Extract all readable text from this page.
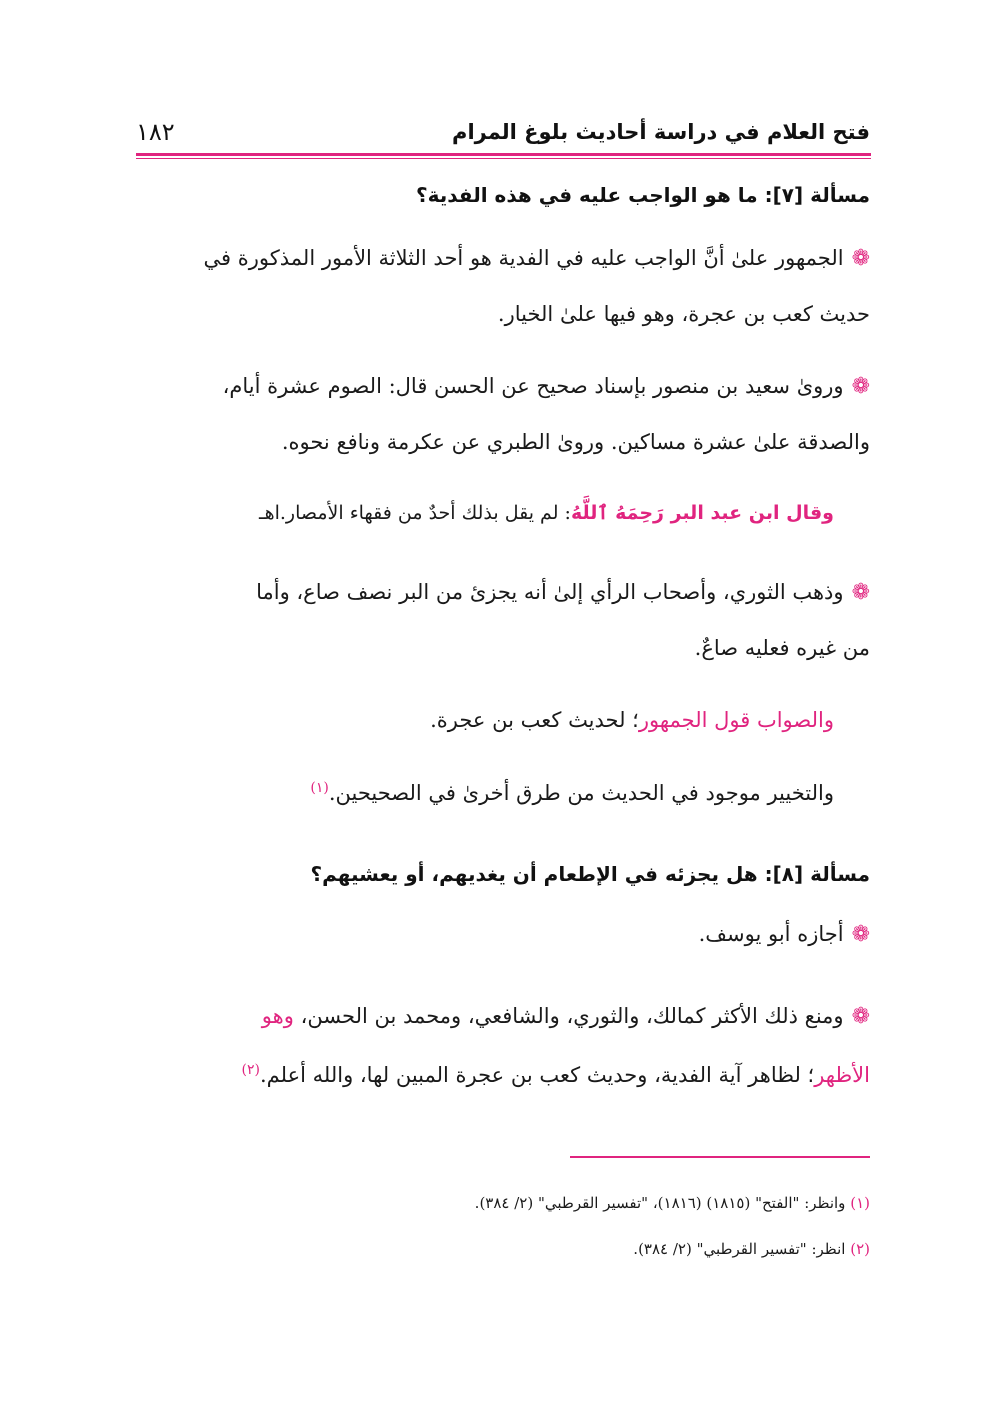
فتح العلام في دراسة أحاديث بلوغ المرام
١٨٢
مسألة [٧]: ما هو الواجب عليه في هذه الفدية؟
❁الجمهور علىٰ أنَّ الواجب عليه في الفدية هو أحد الثلاثة الأمور المذكورة في
حديث كعب بن عجرة، وهو فيها علىٰ الخيار.
❁ورویٰ سعيد بن منصور بإسناد صحيح عن الحسن قال: الصوم عشرة أيام،
والصدقة علىٰ عشرة مساكين. ورویٰ الطبري عن عكرمة ونافع نحوه.
وقال ابن عبد البر رَحِمَهُ ٱللَّهُ: لم يقل بذلك أحدٌ من فقهاء الأمصار.اهـ
❁وذهب الثوري، وأصحاب الرأي إلىٰ أنه يجزئ من البر نصف صاع، وأما
من غيره فعليه صاعٌ.
والصواب قول الجمهور؛ لحديث كعب بن عجرة.
والتخيير موجود في الحديث من طرق أخرىٰ في الصحيحين.$^{(١)}$
مسألة [٨]: هل يجزئه في الإطعام أن يغديهم، أو يعشيهم؟
❁أجازه أبو يوسف.
❁ومنع ذلك الأكثر كمالك، والثوري، والشافعي، ومحمد بن الحسن، وهو
الأظهر؛ لظاهر آية الفدية، وحديث كعب بن عجرة المبين لها، والله أعلم.$^{(٢)}$
(١) وانظر: "الفتح" (١٨١٥) (١٨١٦)، "تفسير القرطبي" (٢/ ٣٨٤).
(٢) انظر: "تفسير القرطبي" (٢/ ٣٨٤).
